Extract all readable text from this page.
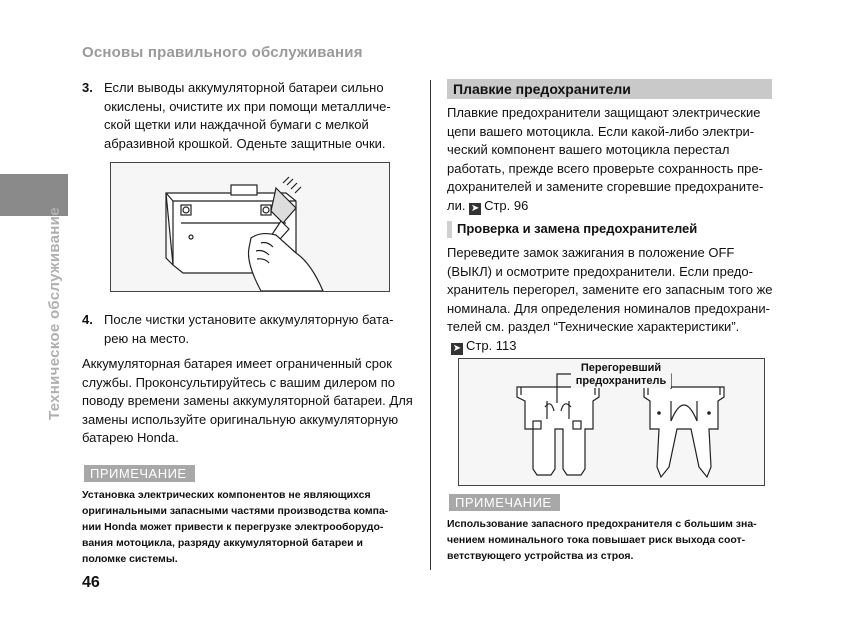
Основы правильного обслуживания
Техническое обслуживание
3. Если выводы аккумуляторной батареи сильно
окислены, очистите их при помощи металличе-
ской щетки или наждачной бумаги с мелкой
абразивной крошкой. Оденьте защитные очки.
4. После чистки установите аккумуляторную бата-
рею на место.
Аккумуляторная батарея имеет ограниченный срок
службы. Проконсультируйтесь с вашим дилером по
поводу времени замены аккумуляторной батареи. Для
замены используйте оригинальную аккумуляторную
батарею Honda.
ПРИМЕЧАНИЕ
Установка электрических компонентов не являющихся
оригинальными запасными частями производства компа-
нии Honda может привести к перегрузке электрооборудо-
вания мотоцикла, разряду аккумуляторной батареи и
поломке системы.
46
Плавкие предохранители
Плавкие предохранители защищают электрические
цепи вашего мотоцикла. Если какой-либо электри-
ческий компонент вашего мотоцикла перестал
работать, прежде всего проверьте сохранность пре-
дохранителей и замените сгоревшие предохраните-
ли. ➤ Стр. 96
Проверка и замена предохранителей
Переведите замок зажигания в положение OFF
(ВЫКЛ) и осмотрите предохранители. Если предо-
хранитель перегорел, замените его запасным того же
номинала. Для определения номиналов предохрани-
телей см. раздел “Технические характеристики”.
➤ Стр. 113
Перегоревший
предохранитель
ПРИМЕЧАНИЕ
Использование запасного предохранителя с большим зна-
чением номинального тока повышает риск выхода соот-
ветствующего устройства из строя.
